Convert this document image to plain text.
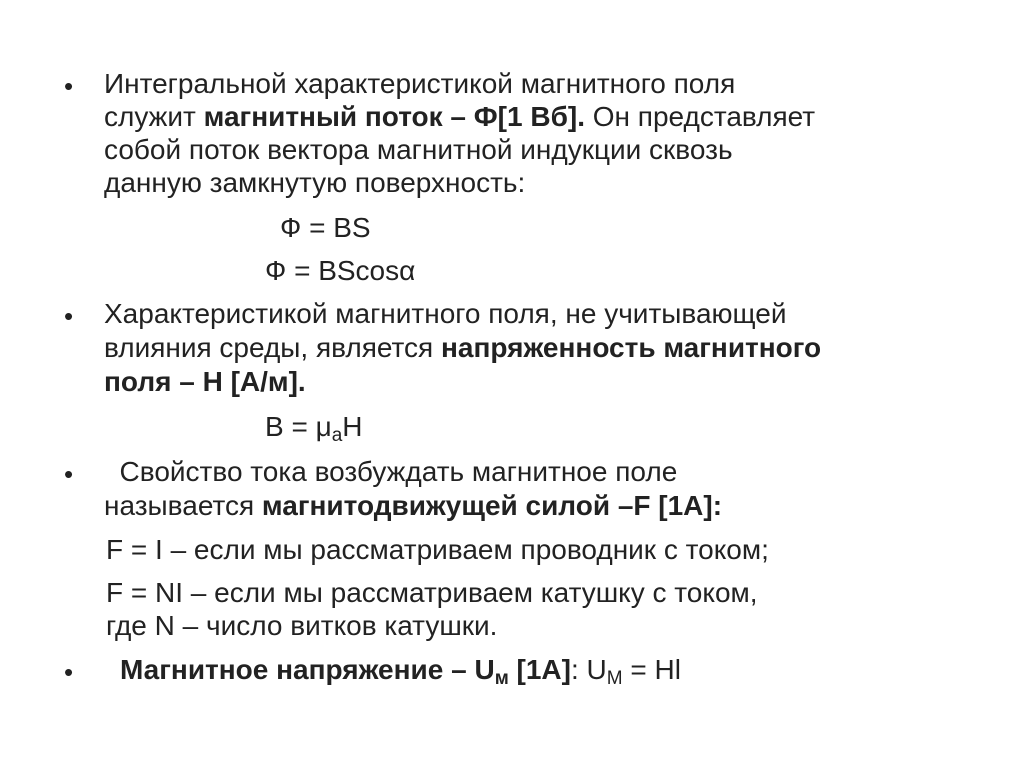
• Интегральной характеристикой магнитного поля
служит магнитный поток – Ф[1 Вб]. Он представляет
собой поток вектора магнитной индукции сквозь
данную замкнутую поверхность:
Ф = BS
Ф = BScosα
• Характеристикой магнитного поля, не учитывающей
влияния среды, является напряженность магнитного
поля – Н [А/м].
$B = \mu_aH$
• Свойство тока возбуждать магнитное поле
называется магнитодвижущей силой –F [1А]:
F = I – если мы рассматриваем проводник с током;
F = NI – если мы рассматриваем катушку с током,
где N – число витков катушки.
• Магнитное напряжение – $U_м$ [1А]: $U_M = Hl$
